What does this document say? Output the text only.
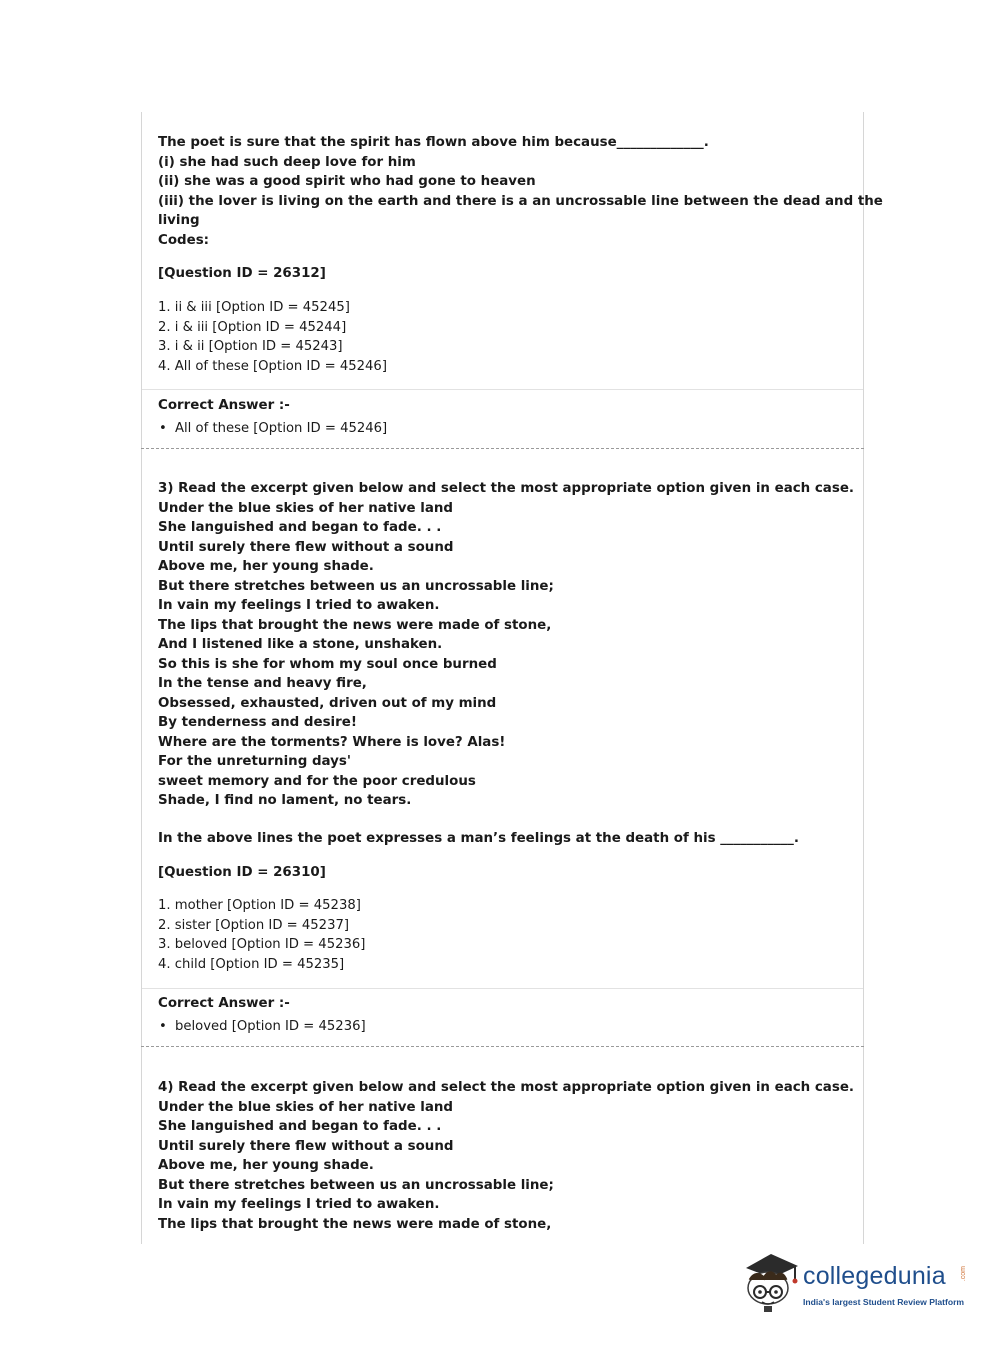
The poet is sure that the spirit has flown above him because_____________.
(i) she had such deep love for him
(ii) she was a good spirit who had gone to heaven
(iii) the lover is living on the earth and there is a an uncrossable line between the dead and the
living
Codes:
[Question ID = 26312]
1. ii & iii [Option ID = 45245]
2. i & iii [Option ID = 45244]
3. i & ii [Option ID = 45243]
4. All of these [Option ID = 45246]
Correct Answer :-
• All of these [Option ID = 45246]
3) Read the excerpt given below and select the most appropriate option given in each case.
Under the blue skies of her native land
She languished and began to fade. . .
Until surely there flew without a sound
Above me, her young shade.
But there stretches between us an uncrossable line;
In vain my feelings I tried to awaken.
The lips that brought the news were made of stone,
And I listened like a stone, unshaken.
So this is she for whom my soul once burned
In the tense and heavy fire,
Obsessed, exhausted, driven out of my mind
By tenderness and desire!
Where are the torments? Where is love? Alas!
For the unreturning days'
sweet memory and for the poor credulous
Shade, I find no lament, no tears.
In the above lines the poet expresses a man’s feelings at the death of his ___________.
[Question ID = 26310]
1. mother [Option ID = 45238]
2. sister [Option ID = 45237]
3. beloved [Option ID = 45236]
4. child [Option ID = 45235]
Correct Answer :-
• beloved [Option ID = 45236]
4) Read the excerpt given below and select the most appropriate option given in each case.
Under the blue skies of her native land
She languished and began to fade. . .
Until surely there flew without a sound
Above me, her young shade.
But there stretches between us an uncrossable line;
In vain my feelings I tried to awaken.
The lips that brought the news were made of stone,
collegedunia .com
India's largest Student Review Platform
